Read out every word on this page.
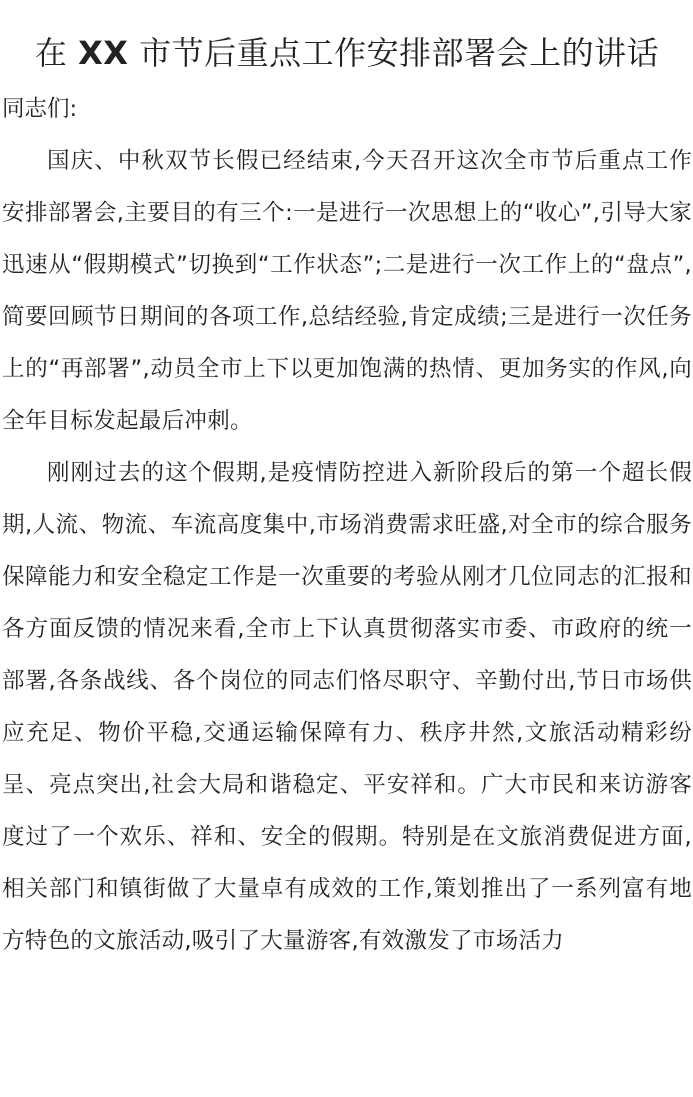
在 XX 市节后重点工作安排部署会上的讲话

同志们:

国庆、中秋双节长假已经结束,今天召开这次全市节后重点工作安排部署会,主要目的有三个:一是进行一次思想上的“收心”,引导大家迅速从“假期模式”切换到“工作状态”;二是进行一次工作上的“盘点”,简要回顾节日期间的各项工作,总结经验,肯定成绩;三是进行一次任务上的“再部署”,动员全市上下以更加饱满的热情、更加务实的作风,向全年目标发起最后冲刺。

刚刚过去的这个假期,是疫情防控进入新阶段后的第一个超长假期,人流、物流、车流高度集中,市场消费需求旺盛,对全市的综合服务保障能力和安全稳定工作是一次重要的考验从刚才几位同志的汇报和各方面反馈的情况来看,全市上下认真贯彻落实市委、市政府的统一部署,各条战线、各个岗位的同志们恪尽职守、辛勤付出,节日市场供应充足、物价平稳,交通运输保障有力、秩序井然,文旅活动精彩纷呈、亮点突出,社会大局和谐稳定、平安祥和。广大市民和来访游客度过了一个欢乐、祥和、安全的假期。特别是在文旅消费促进方面,相关部门和镇街做了大量卓有成效的工作,策划推出了一系列富有地方特色的文旅活动,吸引了大量游客,有效激发了市场活力
